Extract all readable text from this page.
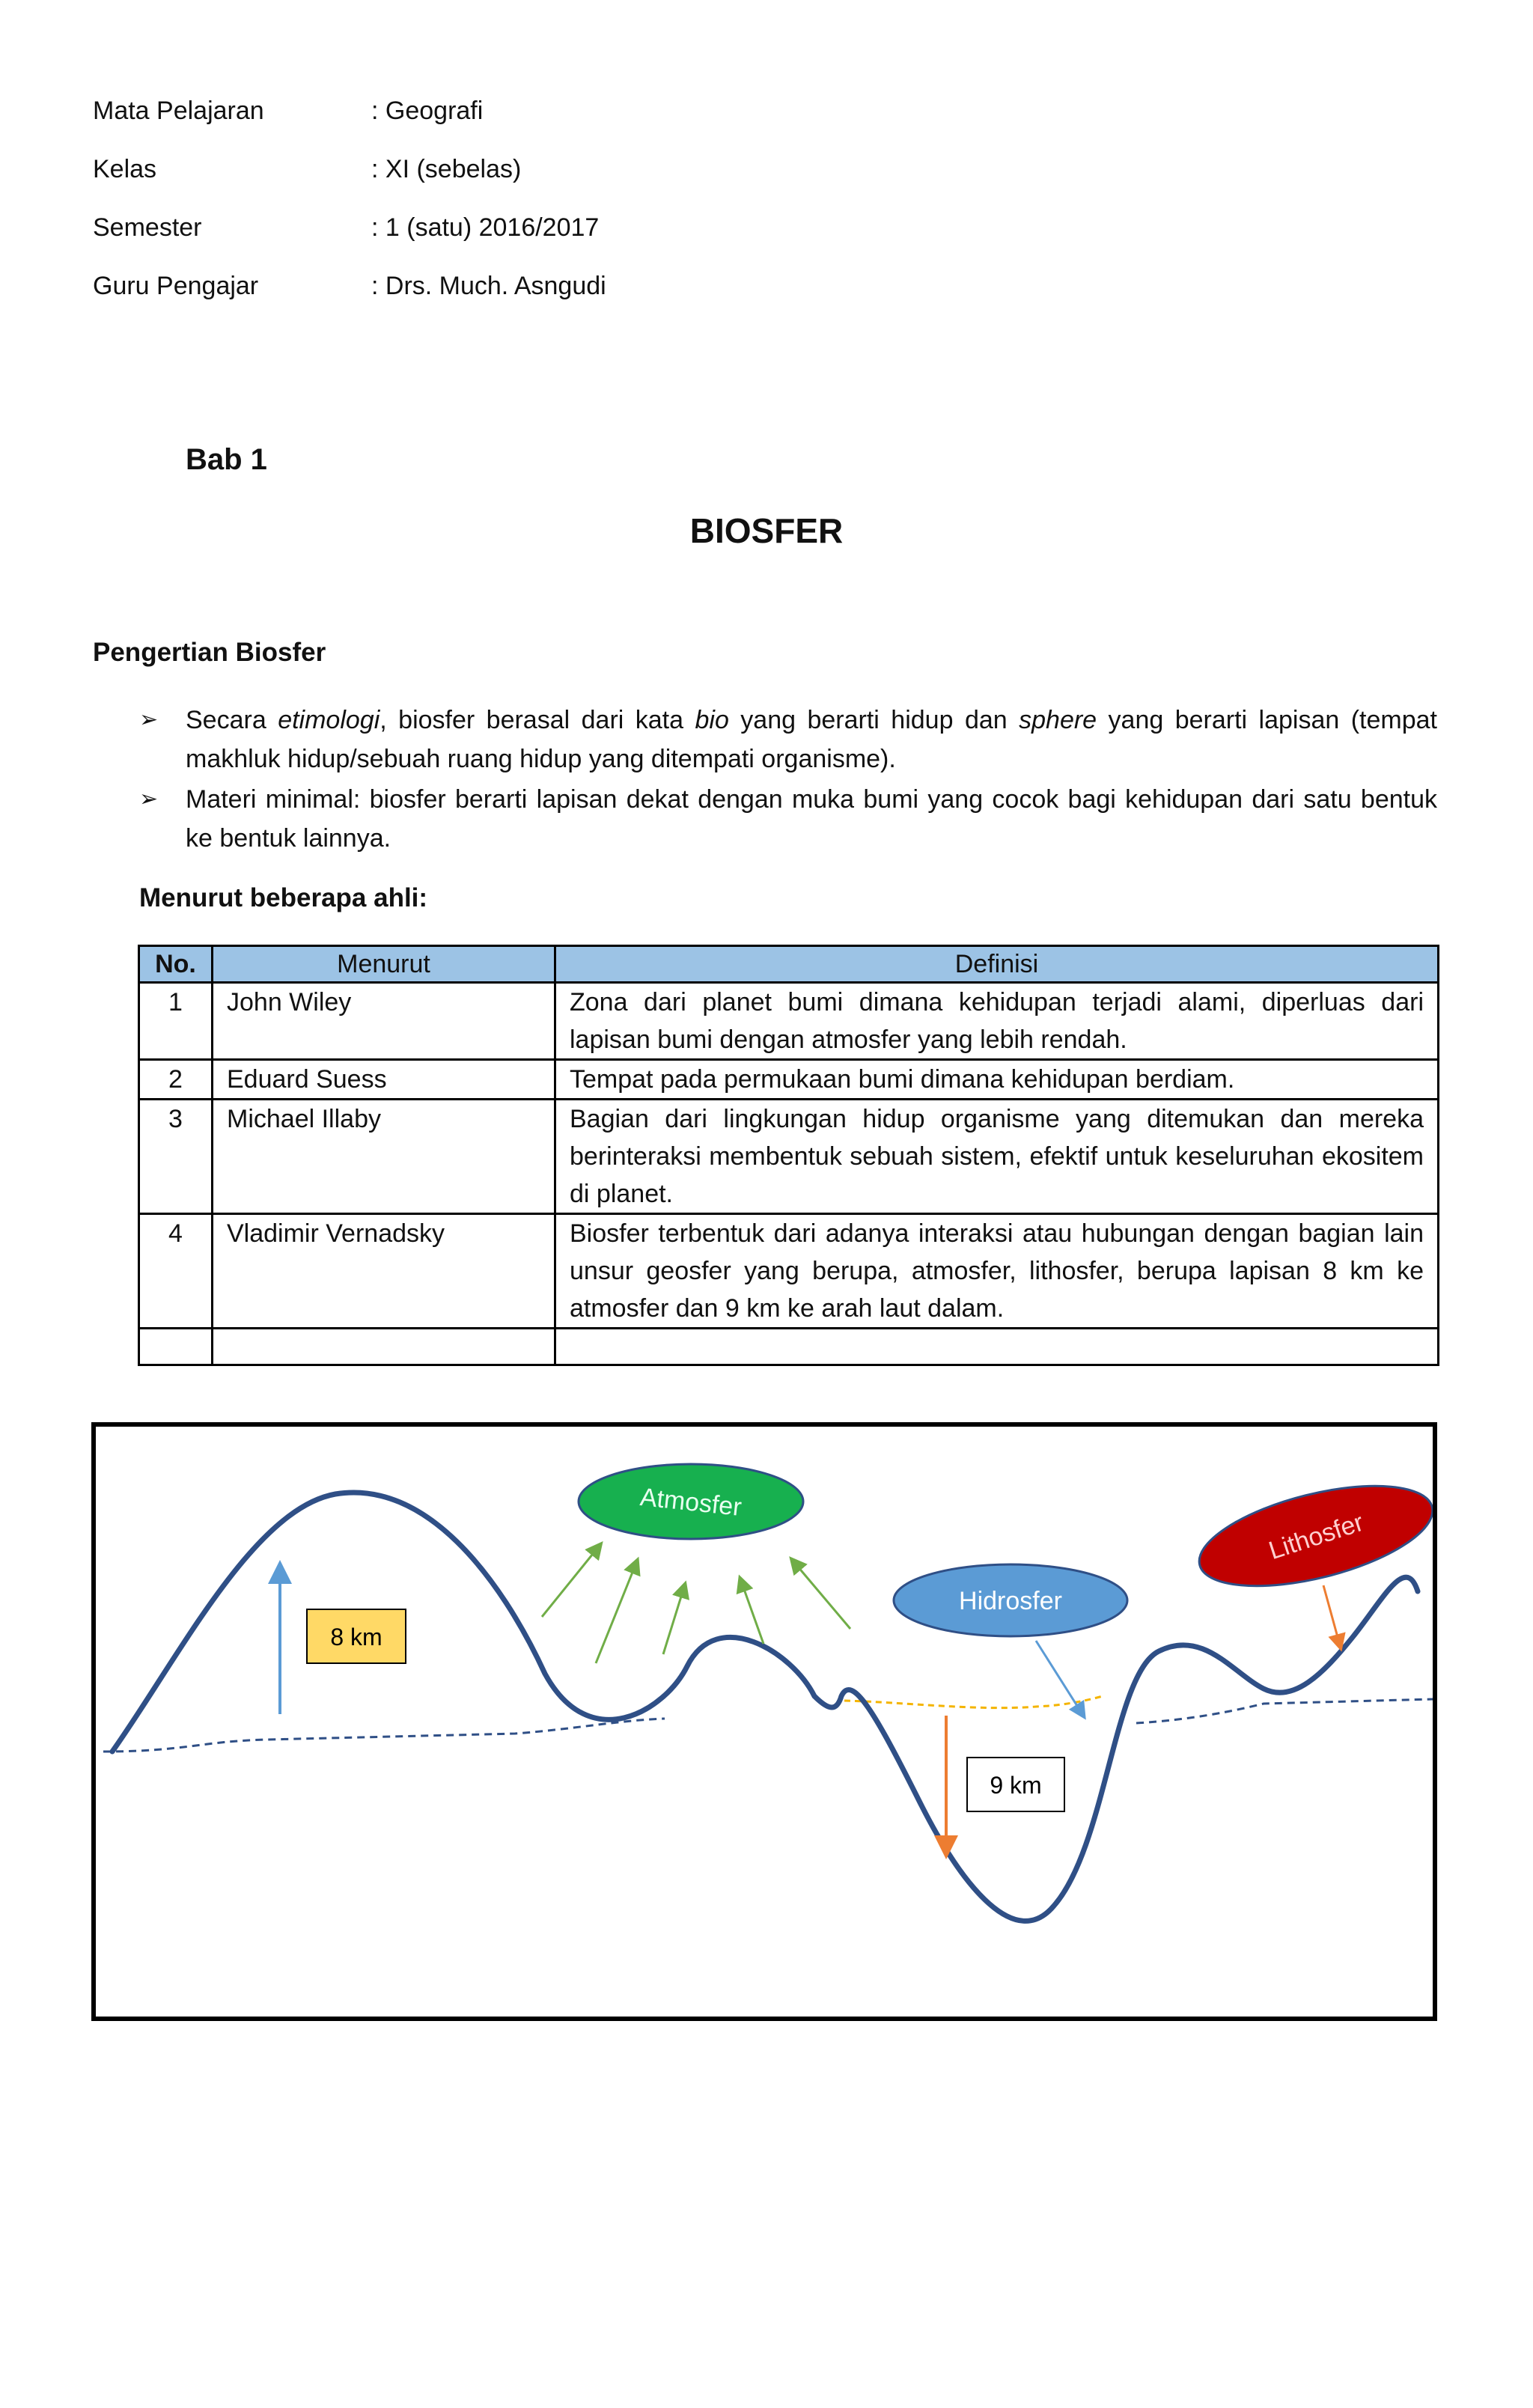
Mata Pelajaran	: Geografi
Kelas	: XI (sebelas)
Semester	: 1 (satu) 2016/2017
Guru Pengajar	: Drs. Much. Asngudi
Bab 1
BIOSFER
Pengertian Biosfer
➢ Secara etimologi, biosfer berasal dari kata bio yang berarti hidup dan sphere yang berarti lapisan (tempat makhluk hidup/sebuah ruang hidup yang ditempati organisme).
➢ Materi minimal: biosfer berarti lapisan dekat dengan muka bumi yang cocok bagi kehidupan dari satu bentuk ke bentuk lainnya.
Menurut beberapa ahli:
No.	Menurut	Definisi
1	John Wiley	Zona dari planet bumi dimana kehidupan terjadi alami, diperluas dari lapisan bumi dengan atmosfer yang lebih rendah.
2	Eduard Suess	Tempat pada permukaan bumi dimana kehidupan berdiam.
3	Michael Illaby	Bagian dari lingkungan hidup organisme yang ditemukan dan mereka berinteraksi membentuk sebuah sistem, efektif untuk keseluruhan ekositem di planet.
4	Vladimir Vernadsky	Biosfer terbentuk dari adanya interaksi atau hubungan dengan bagian lain unsur geosfer yang berupa, atmosfer, lithosfer, berupa lapisan 8 km ke atmosfer dan 9 km ke arah laut dalam.

8 km
9 km
Atmosfer
Hidrosfer
Lithosfer
